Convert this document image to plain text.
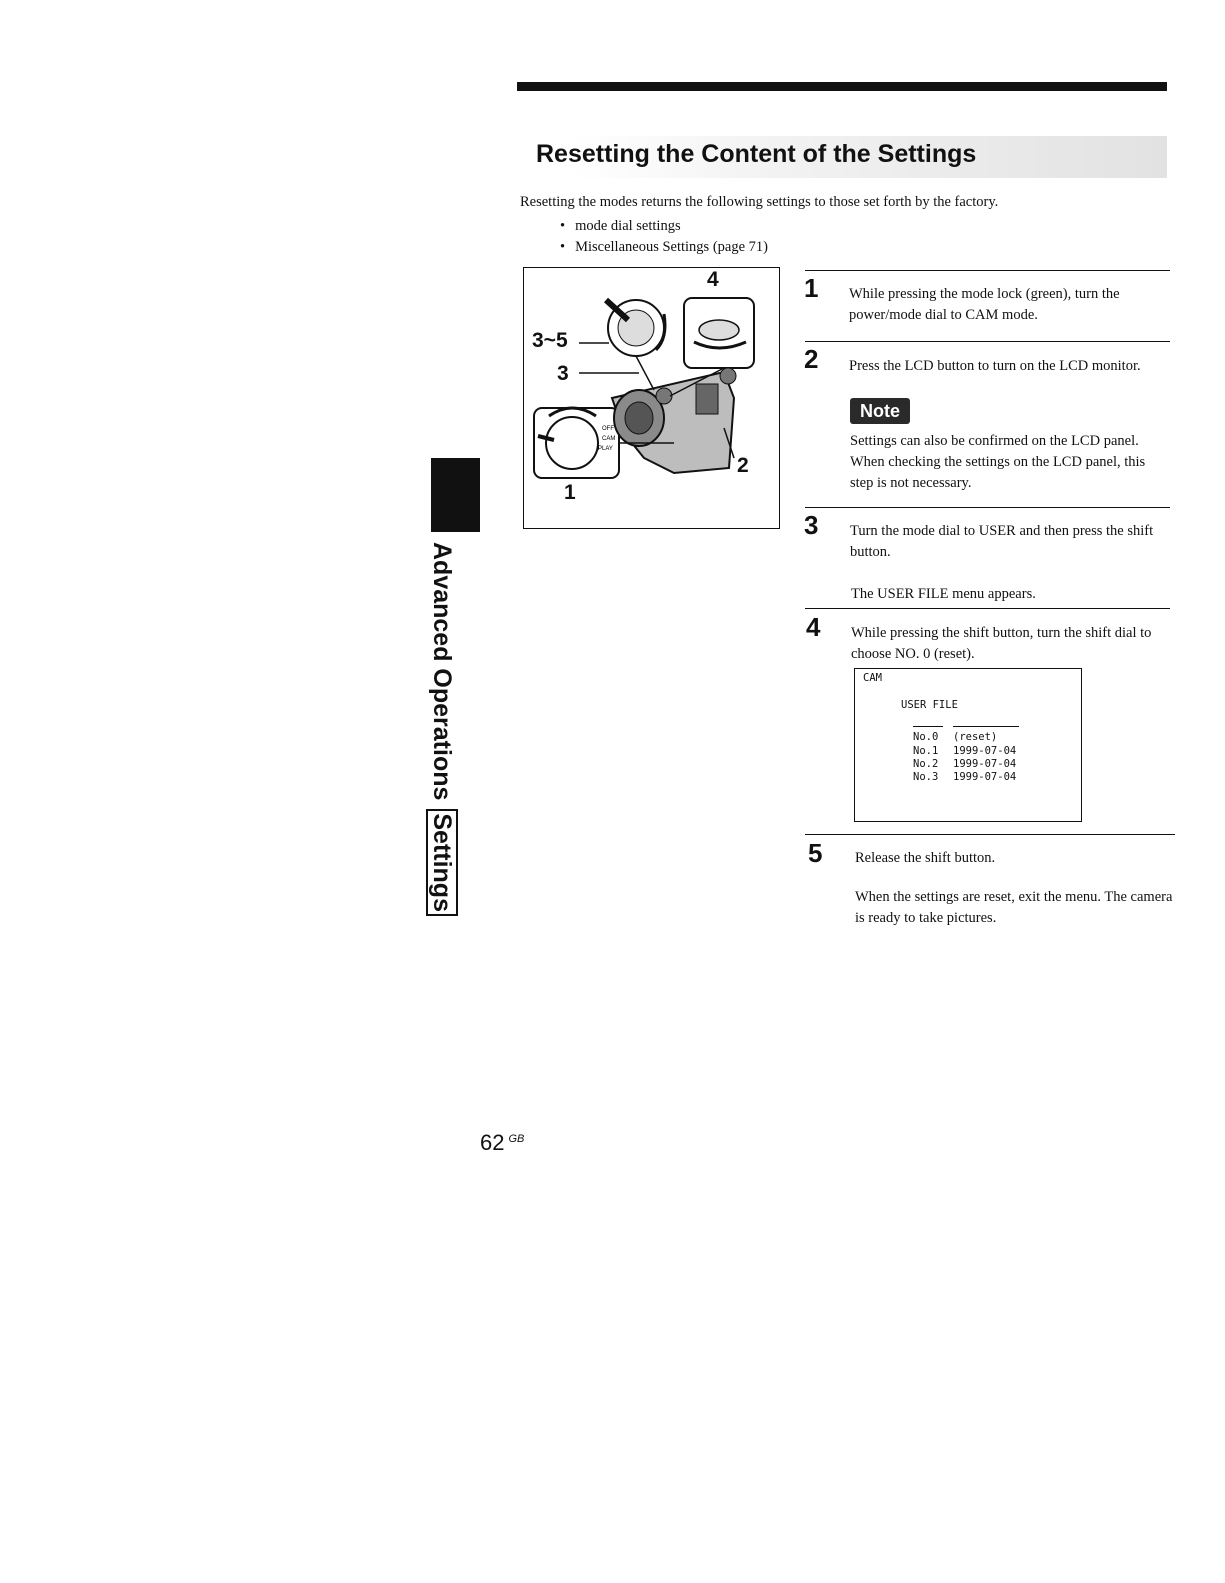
Resetting the Content of the Settings
Resetting the modes returns the following settings to those set forth by the factory.
• mode dial settings
• Miscellaneous Settings (page 71)
OFF
CAM
PLAY
4
3~5
3
2
1
Advanced Operations Settings
1 While pressing the mode lock (green), turn the power/mode dial to CAM mode.
2 Press the LCD button to turn on the LCD monitor.
Note
Settings can also be confirmed on the LCD panel. When checking the settings on the LCD panel, this step is not necessary.
3 Turn the mode dial to USER and then press the shift button.
The USER FILE menu appears.
4 While pressing the shift button, turn the shift dial to choose NO. 0 (reset).
CAM
USER FILE
No.0 (reset)
No.1 1999-07-04
No.2 1999-07-04
No.3 1999-07-04
5 Release the shift button.
When the settings are reset, exit the menu. The camera is ready to take pictures.
62 $^{GB}$
